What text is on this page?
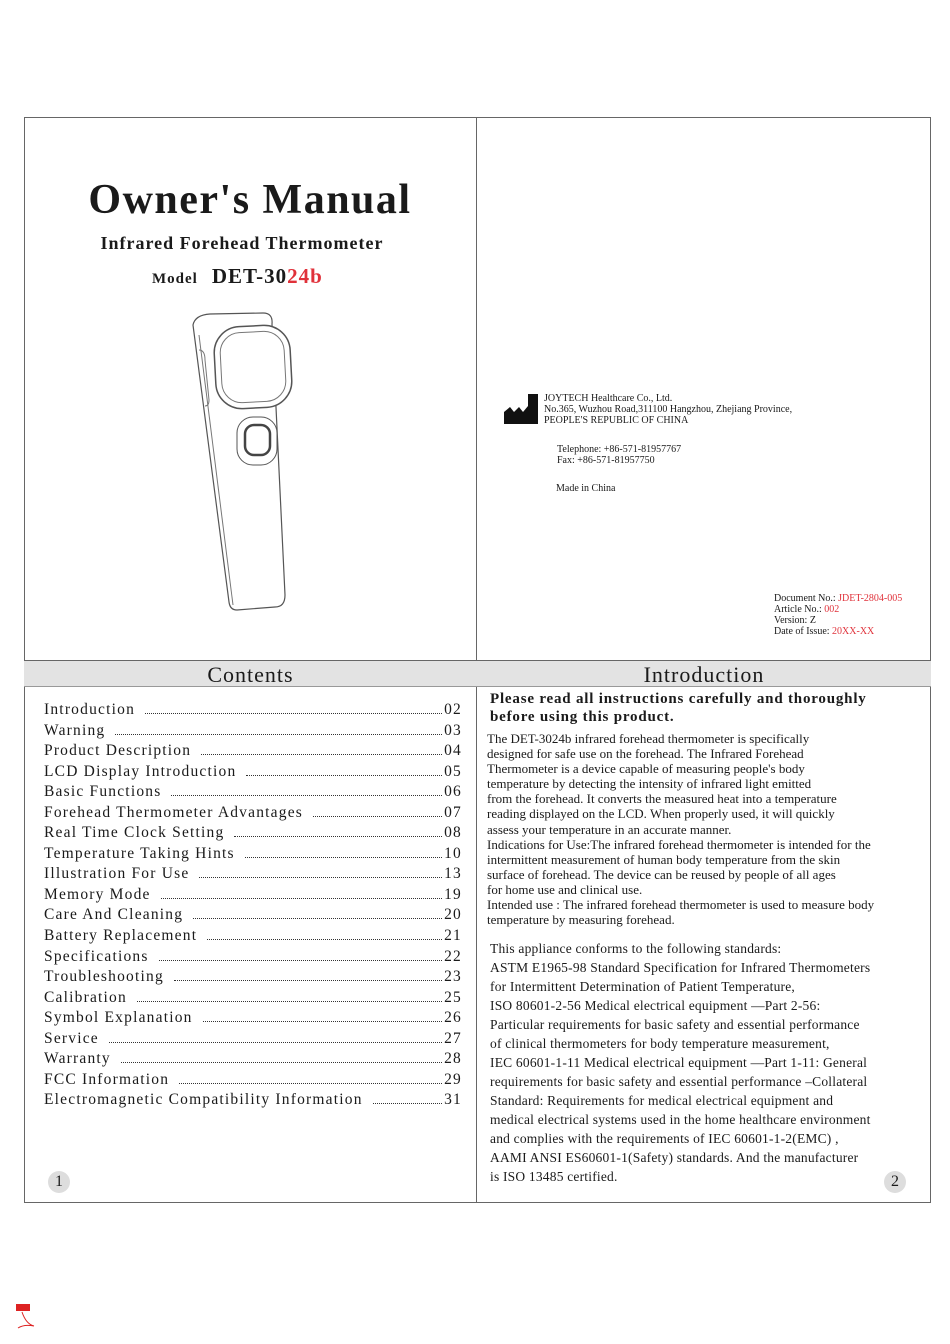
Owner's Manual
Infrared Forehead Thermometer
Model DET-3024b
JOYTECH Healthcare Co., Ltd.
No.365, Wuzhou Road,311100 Hangzhou, Zhejiang Province,
PEOPLE'S REPUBLIC OF CHINA
Telephone: +86-571-81957767
Fax: +86-571-81957750
Made in China
Document No.: JDET-2804-005
Article No.: 002
Version: Z
Date of Issue: 20XX-XX
Contents	Introduction
Introduction	02
Warning	03
Product Description	04
LCD Display Introduction	05
Basic Functions	06
Forehead Thermometer Advantages	07
Real Time Clock Setting	08
Temperature Taking Hints	10
Illustration For Use	13
Memory Mode	19
Care And Cleaning	20
Battery Replacement	21
Specifications	22
Troubleshooting	23
Calibration	25
Symbol Explanation	26
Service	27
Warranty	28
FCC Information	29
Electromagnetic Compatibility Information	31
Please read all instructions carefully and thoroughly
before using this product.
The DET-3024b infrared forehead thermometer is specifically
designed for safe use on the forehead. The Infrared Forehead
Thermometer is a device capable of measuring people's body
temperature by detecting the intensity of infrared light emitted
from the forehead. It converts the measured heat into a temperature
reading displayed on the LCD. When properly used, it will quickly
assess your temperature in an accurate manner.
Indications for Use:The infrared forehead thermometer is intended for the
intermittent measurement of human body temperature from the skin
surface of forehead. The device can be reused by people of all ages
for home use and clinical use.
Intended use : The infrared forehead thermometer is used to measure body
temperature by measuring forehead.
This appliance conforms to the following standards:
ASTM E1965-98 Standard Specification for Infrared Thermometers
for Intermittent Determination of Patient Temperature,
ISO 80601-2-56 Medical electrical equipment —Part 2-56:
Particular requirements for basic safety and essential performance
of clinical thermometers for body temperature measurement,
IEC 60601-1-11 Medical electrical equipment —Part 1-11: General
requirements for basic safety and essential performance –Collateral
Standard: Requirements for medical electrical equipment and
medical electrical systems used in the home healthcare environment
and complies with the requirements of IEC 60601-1-2(EMC) ,
AAMI ANSI ES60601-1(Safety) standards. And the manufacturer
is ISO 13485 certified.
1	2
